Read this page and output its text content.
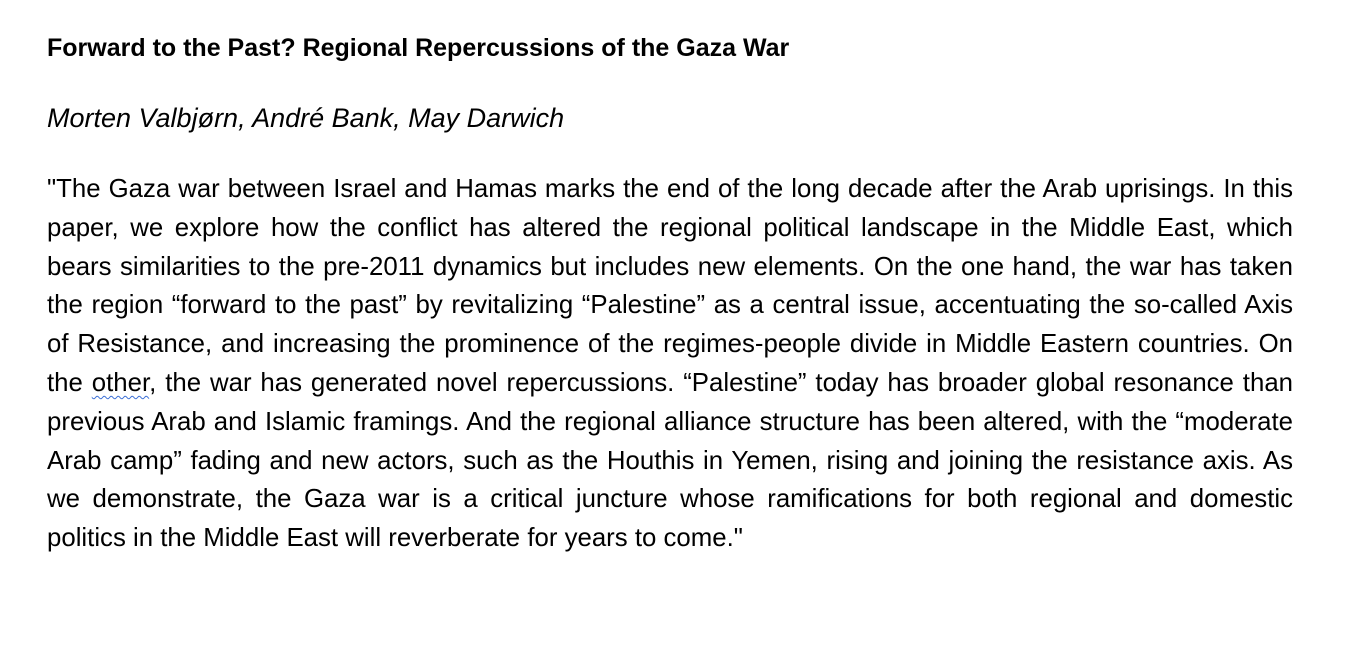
Forward to the Past? Regional Repercussions of the Gaza War

Morten Valbjørn, André Bank, May Darwich

"The Gaza war between Israel and Hamas marks the end of the long decade after the Arab uprisings. In this paper, we explore how the conflict has altered the regional political landscape in the Middle East, which bears similarities to the pre-2011 dynamics but includes new elements. On the one hand, the war has taken the region “forward to the past” by revitalizing “Palestine” as a central issue, accentuating the so-called Axis of Resistance, and increasing the prominence of the regimes-people divide in Middle Eastern countries. On the other, the war has generated novel repercussions. “Palestine” today has broader global resonance than previous Arab and Islamic framings. And the regional alliance structure has been altered, with the “moderate Arab camp” fading and new actors, such as the Houthis in Yemen, rising and joining the resistance axis. As we demonstrate, the Gaza war is a critical juncture whose ramifications for both regional and domestic politics in the Middle East will reverberate for years to come."
